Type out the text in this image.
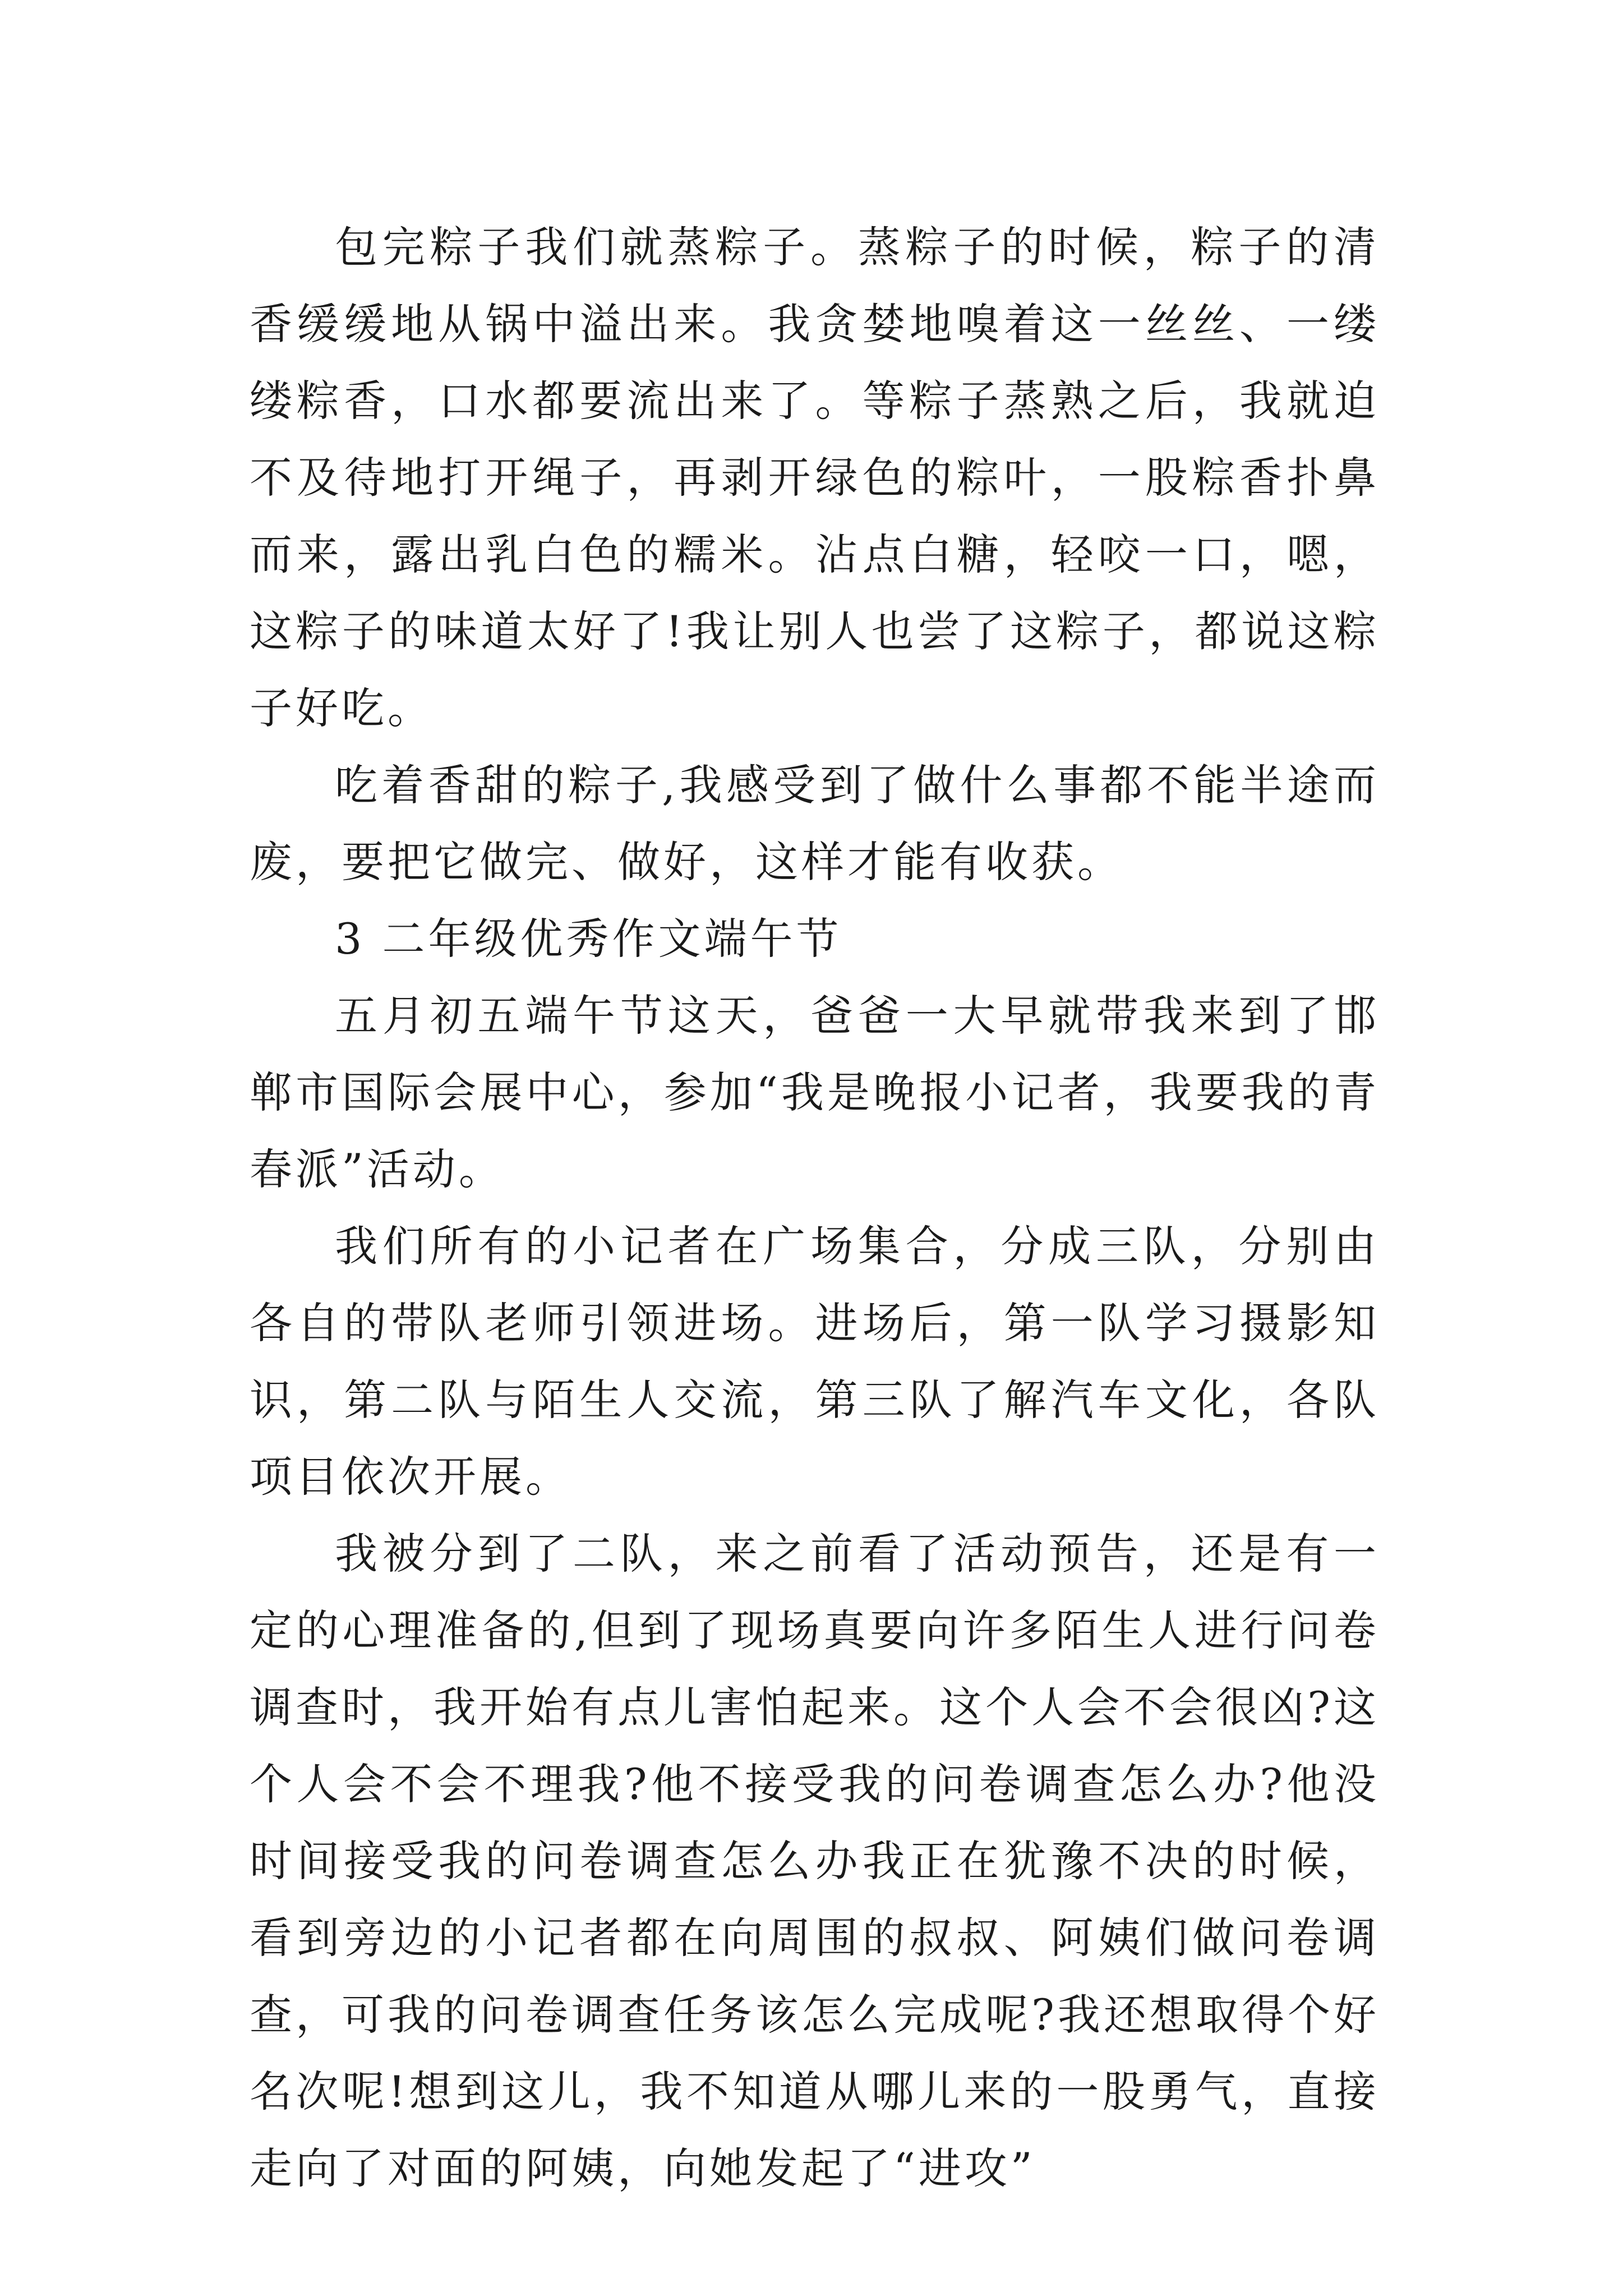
包完粽子我们就蒸粽子。蒸粽子的时候，粽子的清香缓缓地从锅中溢出来。我贪婪地嗅着这一丝丝、一缕缕粽香，口水都要流出来了。等粽子蒸熟之后，我就迫不及待地打开绳子，再剥开绿色的粽叶，一股粽香扑鼻而来，露出乳白色的糯米。沾点白糖，轻咬一口，嗯，这粽子的味道太好了!我让别人也尝了这粽子，都说这粽子好吃。

吃着香甜的粽子,我感受到了做什么事都不能半途而废，要把它做完、做好，这样才能有收获。

3 二年级优秀作文端午节

五月初五端午节这天，爸爸一大早就带我来到了邯郸市国际会展中心，参加“我是晚报小记者，我要我的青春派”活动。

我们所有的小记者在广场集合，分成三队，分别由各自的带队老师引领进场。进场后，第一队学习摄影知识，第二队与陌生人交流，第三队了解汽车文化，各队项目依次开展。

我被分到了二队，来之前看了活动预告，还是有一定的心理准备的,但到了现场真要向许多陌生人进行问卷调查时，我开始有点儿害怕起来。这个人会不会很凶?这个人会不会不理我?他不接受我的问卷调查怎么办?他没时间接受我的问卷调查怎么办我正在犹豫不决的时候，看到旁边的小记者都在向周围的叔叔、阿姨们做问卷调查，可我的问卷调查任务该怎么完成呢?我还想取得个好名次呢!想到这儿，我不知道从哪儿来的一股勇气，直接走向了对面的阿姨，向她发起了“进攻”
